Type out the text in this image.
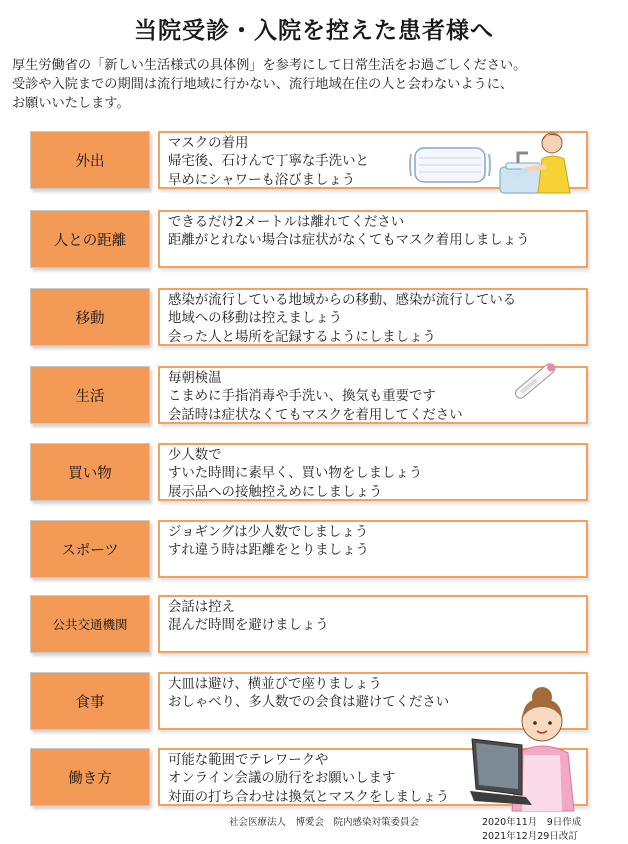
当院受診・入院を控えた患者様へ
厚生労働省の「新しい生活様式の具体例」を参考にして日常生活をお過ごしください。
受診や入院までの期間は流行地域に行かない、流行地域在住の人と会わないように、
お願いいたします。
外出
マスクの着用
帰宅後、石けんで丁寧な手洗いと
早めにシャワーも浴びましょう
人との距離
できるだけ2メートルは離れてください
距離がとれない場合は症状がなくてもマスク着用しましょう
移動
感染が流行している地域からの移動、感染が流行している
地域への移動は控えましょう
会った人と場所を記録するようにしましょう
生活
毎朝検温
こまめに手指消毒や手洗い、換気も重要です
会話時は症状なくてもマスクを着用してください
買い物
少人数で
すいた時間に素早く、買い物をしましょう
展示品への接触控えめにしましょう
スポーツ
ジョギングは少人数でしましょう
すれ違う時は距離をとりましょう
公共交通機関
会話は控え
混んだ時間を避けましょう
食事
大皿は避け、横並びで座りましょう
おしゃべり、多人数での会食は避けてください
働き方
可能な範囲でテレワークや
オンライン会議の励行をお願いします
対面の打ち合わせは換気とマスクをしましょう
社会医療法人　博愛会　院内感染対策委員会	2020年11月　9日作成
2021年12月29日改訂
